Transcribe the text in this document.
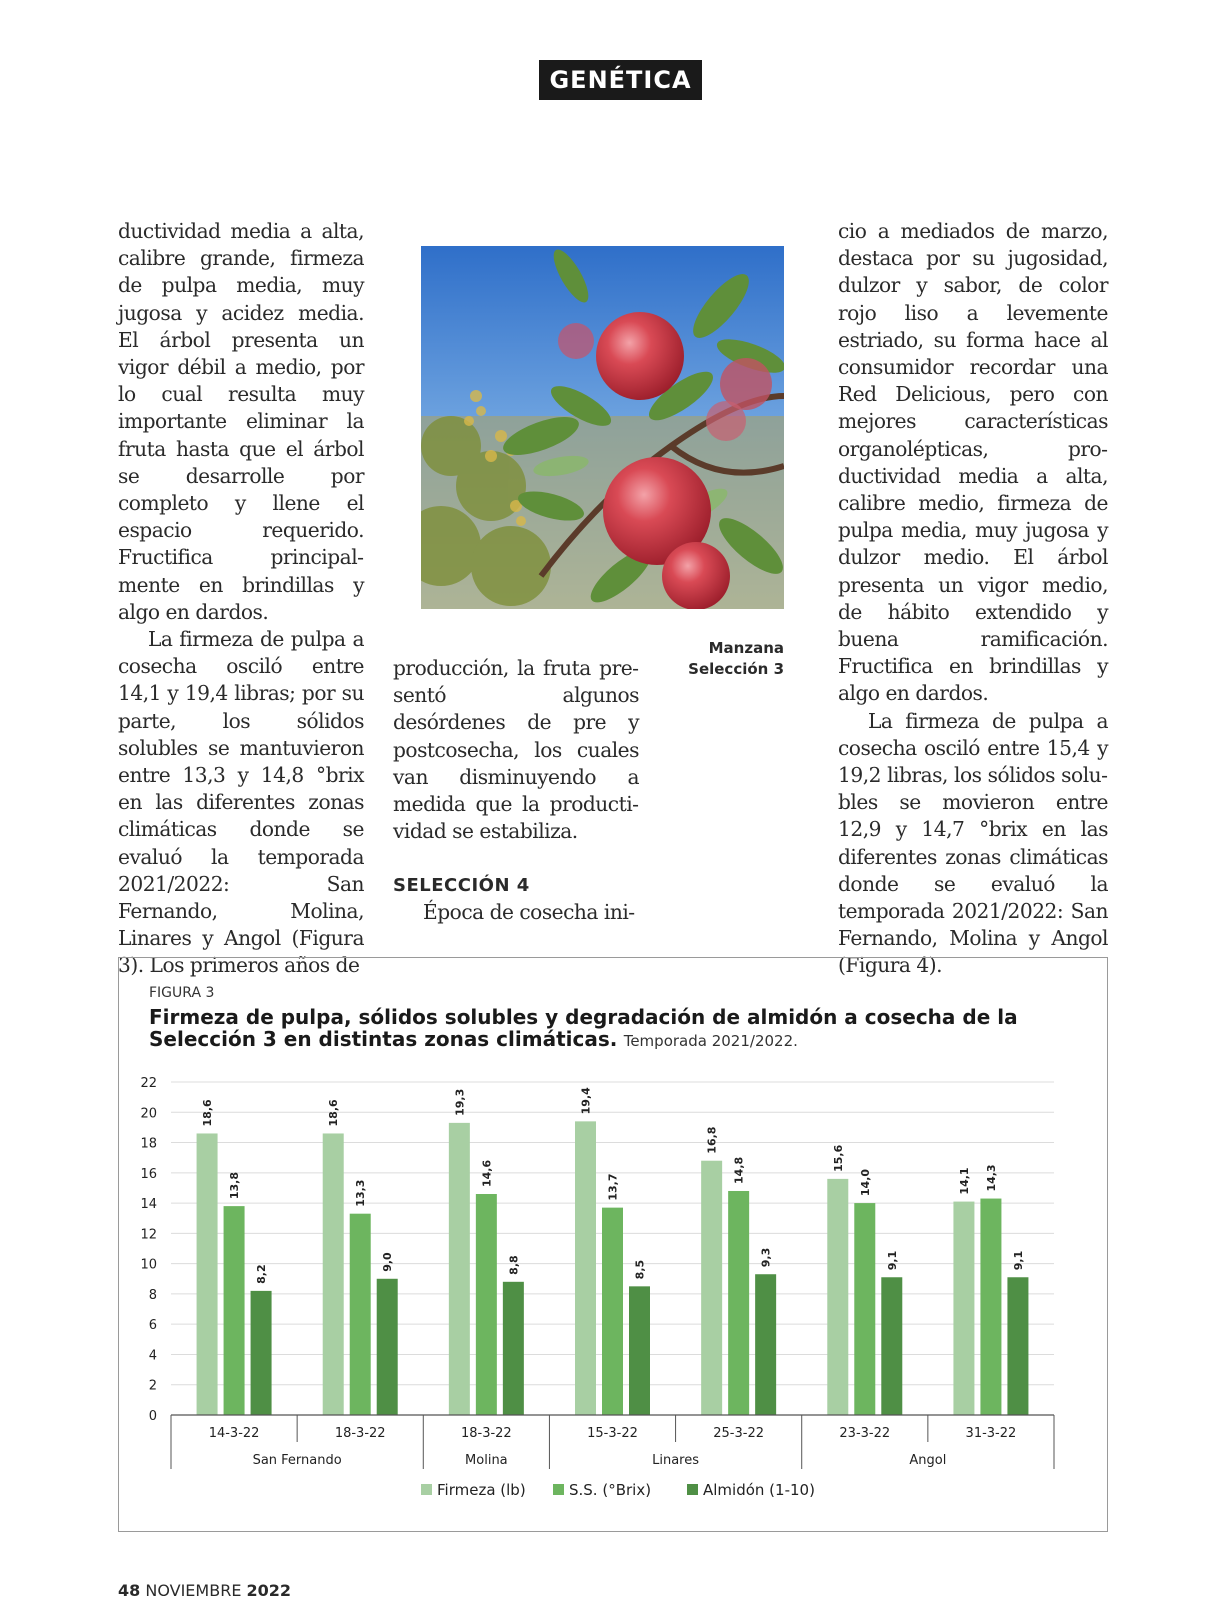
GENÉTICA

ductividad media a alta, calibre grande, firmeza de pulpa media, muy jugosa y acidez media. El árbol presenta un vigor débil a medio, por lo cual resulta muy importante eliminar la fruta hasta que el árbol se desarrolle por completo y llene el espacio requerido. Fructifica principalmente en brindillas y algo en dardos.

La firmeza de pulpa a cosecha osciló entre 14,1 y 19,4 libras; por su parte, los sólidos solubles se mantuvieron entre 13,3 y 14,8 °brix en las diferentes zonas climáticas donde se evaluó la temporada 2021/2022: San Fernando, Molina, Linares y Angol (Figura 3). Los primeros años de

Manzana
Selección 3

producción, la fruta presentó algunos desórdenes de pre y postcosecha, los cuales van disminuyendo a medida que la productividad se estabiliza.

SELECCIÓN 4

Época de cosecha ini-

cio a mediados de marzo, destaca por su jugosidad, dulzor y sabor, de color rojo liso a levemente estriado, su forma hace al consumidor recordar una Red Delicious, pero con mejores características organolépticas, productividad media a alta, calibre medio, firmeza de pulpa media, muy jugosa y dulzor medio. El árbol presenta un vigor medio, de hábito extendido y buena ramificación. Fructifica en brindillas y algo en dardos.

La firmeza de pulpa a cosecha osciló entre 15,4 y 19,2 libras, los sólidos solubles se movieron entre 12,9 y 14,7 °brix en las diferentes zonas climáticas donde se evaluó la temporada 2021/2022: San Fernando, Molina y Angol (Figura 4).

FIGURA 3
Firmeza de pulpa, sólidos solubles y degradación de almidón a cosecha de la Selección 3 en distintas zonas climáticas. Temporada 2021/2022.
0
2
4
6
8
10
12
14
16
18
20
22
18,6	18,6	19,3	19,4
16,8
15,6
14,1
13,8	13,3
14,6
13,7
14,8	14,0	14,3
8,2
9,0	8,8	8,5
9,3	9,1	9,1
14-3-22	18-3-22	18-3-22	15-3-22	25-3-22	23-3-22	31-3-22
San Fernando	Molina	Linares	Angol
Firmeza (lb)	S.S. (°Brix)	Almidón (1-10)
48 NOVIEMBRE 2022
